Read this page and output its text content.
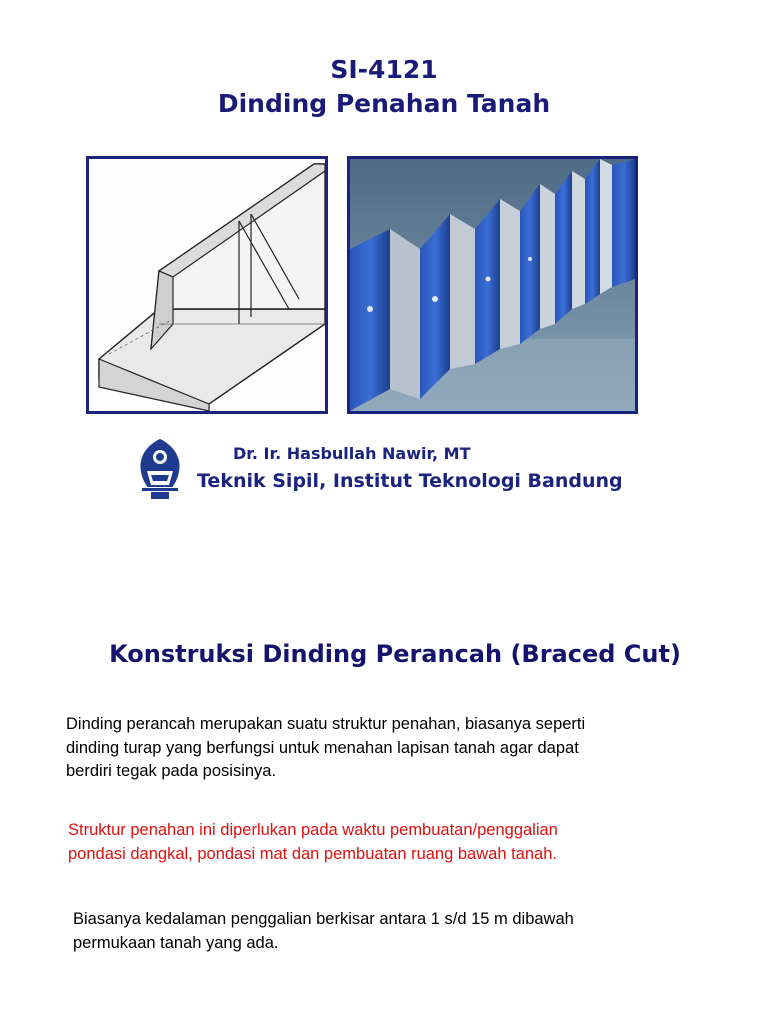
SI-4121
Dinding Penahan Tanah
Dr. Ir. Hasbullah Nawir, MT
Teknik Sipil, Institut Teknologi Bandung
Konstruksi Dinding Perancah (Braced Cut)
Dinding perancah merupakan suatu struktur penahan, biasanya seperti
dinding turap yang berfungsi untuk menahan lapisan tanah agar dapat
berdiri tegak pada posisinya.
Struktur penahan ini diperlukan pada waktu pembuatan/penggalian
pondasi dangkal, pondasi mat dan pembuatan ruang bawah tanah.
Biasanya kedalaman penggalian berkisar antara 1 s/d 15 m dibawah
permukaan tanah yang ada.
